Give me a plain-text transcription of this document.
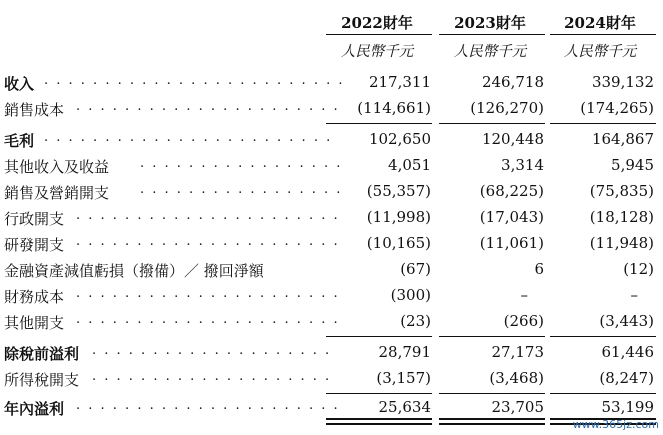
2022財年	2023財年	2024財年
人民幣千元	人民幣千元	人民幣千元
收入 . . . . . . . . . . . . . . . . . . . . . . . . .	217,311	246,718	339,132
銷售成本 . . . . . . . . . . . . . . . . . . . . . .	(114,661)	(126,270)	(174,265)
毛利 . . . . . . . . . . . . . . . . . . . . . . . .	102,650	120,448	164,867
其他收入及收益 . . . . . . . . . . . . . . . . .	4,051	3,314	5,945
銷售及營銷開支 . . . . . . . . . . . . . . . . .	(55,357)	(68,225)	(75,835)
行政開支 . . . . . . . . . . . . . . . . . . . . . .	(11,998)	(17,043)	(18,128)
研發開支 . . . . . . . . . . . . . . . . . . . . . .	(10,165)	(11,061)	(11,948)
金融資產減值虧損（撥備）／ 撥回淨額	(67)	6	(12)
財務成本 . . . . . . . . . . . . . . . . . . . . . .	(300)	–	–
其他開支 . . . . . . . . . . . . . . . . . . . . . .	(23)	(266)	(3,443)
除稅前溢利 . . . . . . . . . . . . . . . . . . . .	28,791	27,173	61,446
所得稅開支 . . . . . . . . . . . . . . . . . . . .	(3,157)	(3,468)	(8,247)
年內溢利 . . . . . . . . . . . . . . . . . . . . . .	25,634	23,705	53,199
www.365jz.com
